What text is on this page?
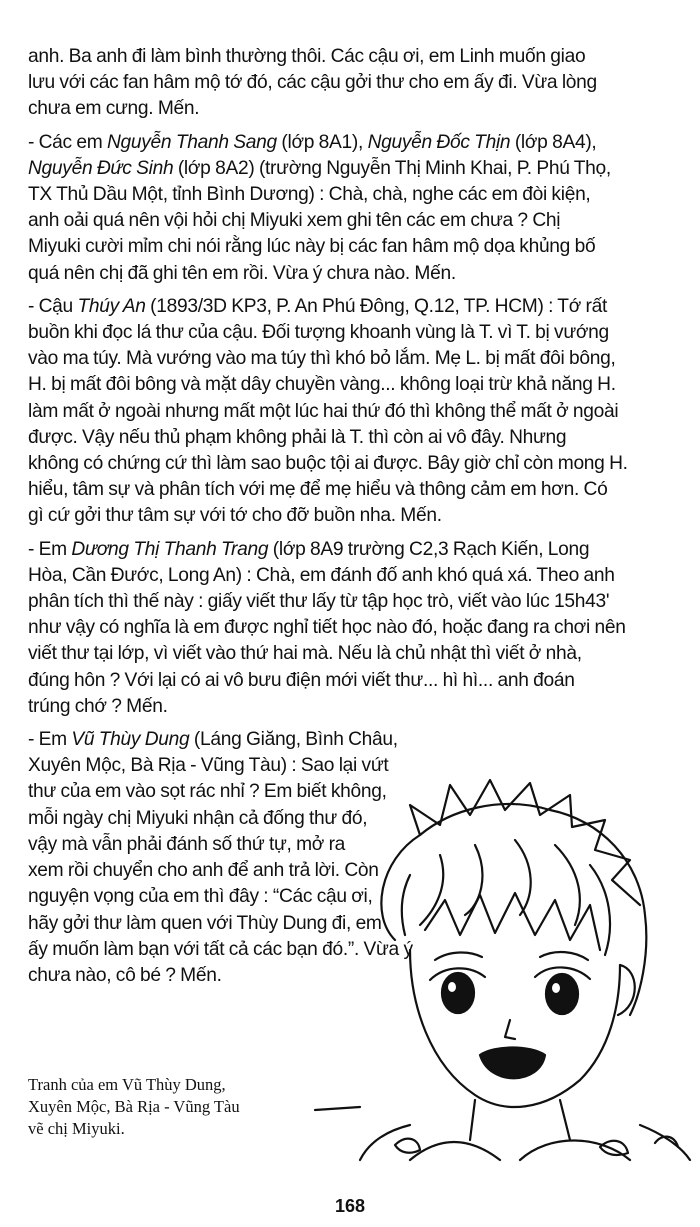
anh. Ba anh đi làm bình thường thôi. Các cậu ơi, em Linh muốn giao

lưu với các fan hâm mộ tớ đó, các cậu gởi thư cho em ấy đi. Vừa lòng

chưa em cưng. Mến.

- Các em Nguyễn Thanh Sang (lớp 8A1), Nguyễn Đốc Thịn (lớp 8A4),

Nguyễn Đức Sinh (lớp 8A2) (trường Nguyễn Thị Minh Khai, P. Phú Thọ,

TX Thủ Dầu Một, tỉnh Bình Dương) : Chà, chà, nghe các em đòi kiện,

anh oải quá nên vội hỏi chị Miyuki xem ghi tên các em chưa ? Chị

Miyuki cười mỉm chi nói rằng lúc này bị các fan hâm mộ dọa khủng bố

quá nên chị đã ghi tên em rồi. Vừa ý chưa nào. Mến.

- Cậu Thúy An (1893/3D KP3, P. An Phú Đông, Q.12, TP. HCM) : Tớ rất

buồn khi đọc lá thư của cậu. Đối tượng khoanh vùng là T. vì T. bị vướng

vào ma túy. Mà vướng vào ma túy thì khó bỏ lắm. Mẹ L. bị mất đôi bông,

H. bị mất đôi bông và mặt dây chuyền vàng... không loại trừ khả năng H.

làm mất ở ngoài nhưng mất một lúc hai thứ đó thì không thể mất ở ngoài

được. Vậy nếu thủ phạm không phải là T. thì còn ai vô đây. Nhưng

không có chứng cứ thì làm sao buộc tội ai được. Bây giờ chỉ còn mong H.

hiểu, tâm sự và phân tích với mẹ để mẹ hiểu và thông cảm em hơn. Có

gì cứ gởi thư tâm sự với tớ cho đỡ buồn nha. Mến.

- Em Dương Thị Thanh Trang (lớp 8A9 trường C2,3 Rạch Kiến, Long

Hòa, Cần Đước, Long An) : Chà, em đánh đố anh khó quá xá. Theo anh

phân tích thì thế này : giấy viết thư lấy từ tập học trò, viết vào lúc 15h43'

như vậy có nghĩa là em được nghỉ tiết học nào đó, hoặc đang ra chơi nên

viết thư tại lớp, vì viết vào thứ hai mà. Nếu là chủ nhật thì viết ở nhà,

đúng hôn ? Với lại có ai vô bưu điện mới viết thư... hì hì... anh đoán

trúng chớ ? Mến.

- Em Vũ Thùy Dung (Láng Giăng, Bình Châu,

Xuyên Mộc, Bà Rịa - Vũng Tàu) : Sao lại vứt

thư của em vào sọt rác nhỉ ? Em biết không,

mỗi ngày chị Miyuki nhận cả đống thư đó,

vậy mà vẫn phải đánh số thứ tự, mở ra

xem rồi chuyển cho anh để anh trả lời. Còn

nguyện vọng của em thì đây : “Các cậu ơi,

hãy gởi thư làm quen với Thùy Dung đi, em

ấy muốn làm bạn với tất cả các bạn đó.”. Vừa ý

chưa nào, cô bé ? Mến.

Tranh của em Vũ Thùy Dung,
Xuyên Mộc, Bà Rịa - Vũng Tàu
vẽ chị Miyuki.
168
